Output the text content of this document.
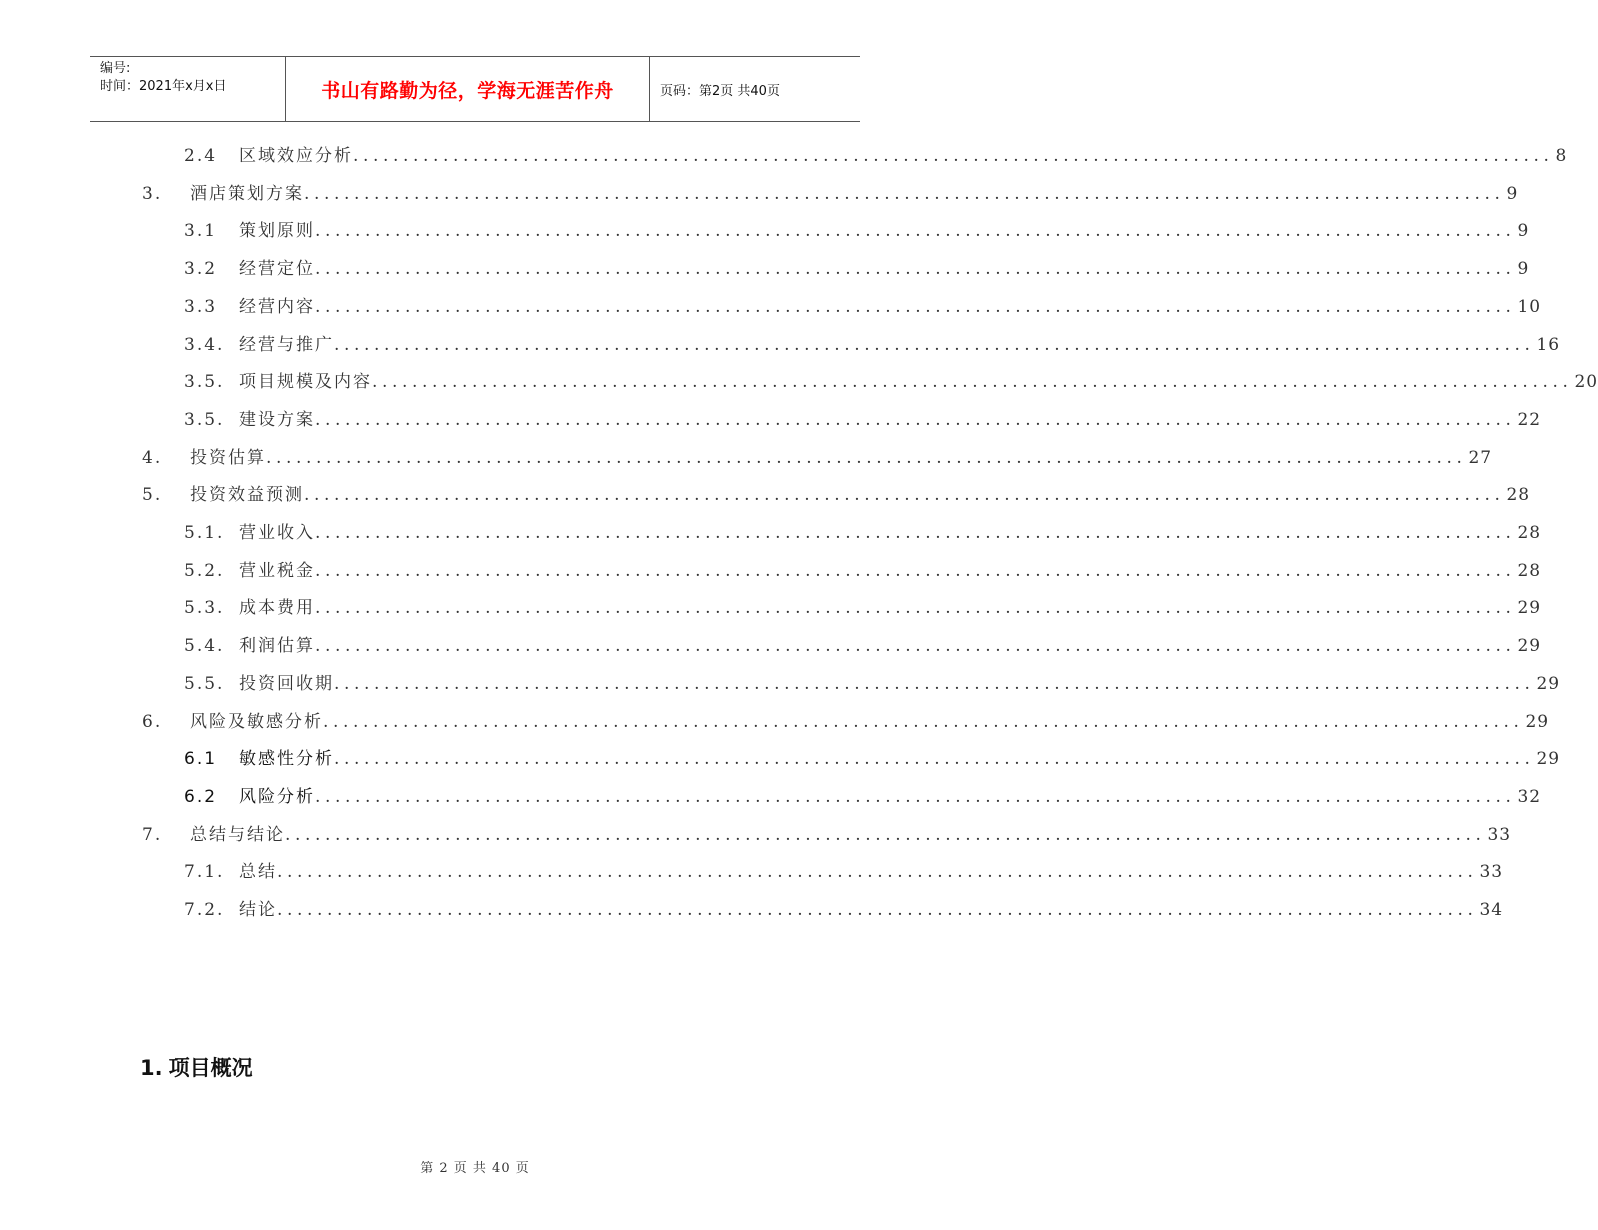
编号:
时间：2021年x月x日	书山有路勤为径，学海无涯苦作舟	页码：第2页 共40页
2.4 区域效应分析 ........................................................................................................................ 8
3. 酒店策划方案 ........................................................................................................................ 9
3.1 策划原则 ........................................................................................................................ 9
3.2 经营定位 ........................................................................................................................ 9
3.3 经营内容 ........................................................................................................................ 10
3.4. 经营与推广 ........................................................................................................................ 16
3.5. 项目规模及内容 ........................................................................................................................ 20
3.5. 建设方案 ........................................................................................................................ 22
4. 投资估算 ........................................................................................................................ 27
5. 投资效益预测 ........................................................................................................................ 28
5.1. 营业收入 ........................................................................................................................ 28
5.2. 营业税金 ........................................................................................................................ 28
5.3. 成本费用 ........................................................................................................................ 29
5.4. 利润估算 ........................................................................................................................ 29
5.5. 投资回收期 ........................................................................................................................ 29
6. 风险及敏感分析 ........................................................................................................................ 29
6.1 敏感性分析 ........................................................................................................................ 29
6.2 风险分析 ........................................................................................................................ 32
7. 总结与结论 ........................................................................................................................ 33
7.1. 总结 ........................................................................................................................ 33
7.2. 结论 ........................................................................................................................ 34
1. 项目概况
第 2 页 共 40 页
